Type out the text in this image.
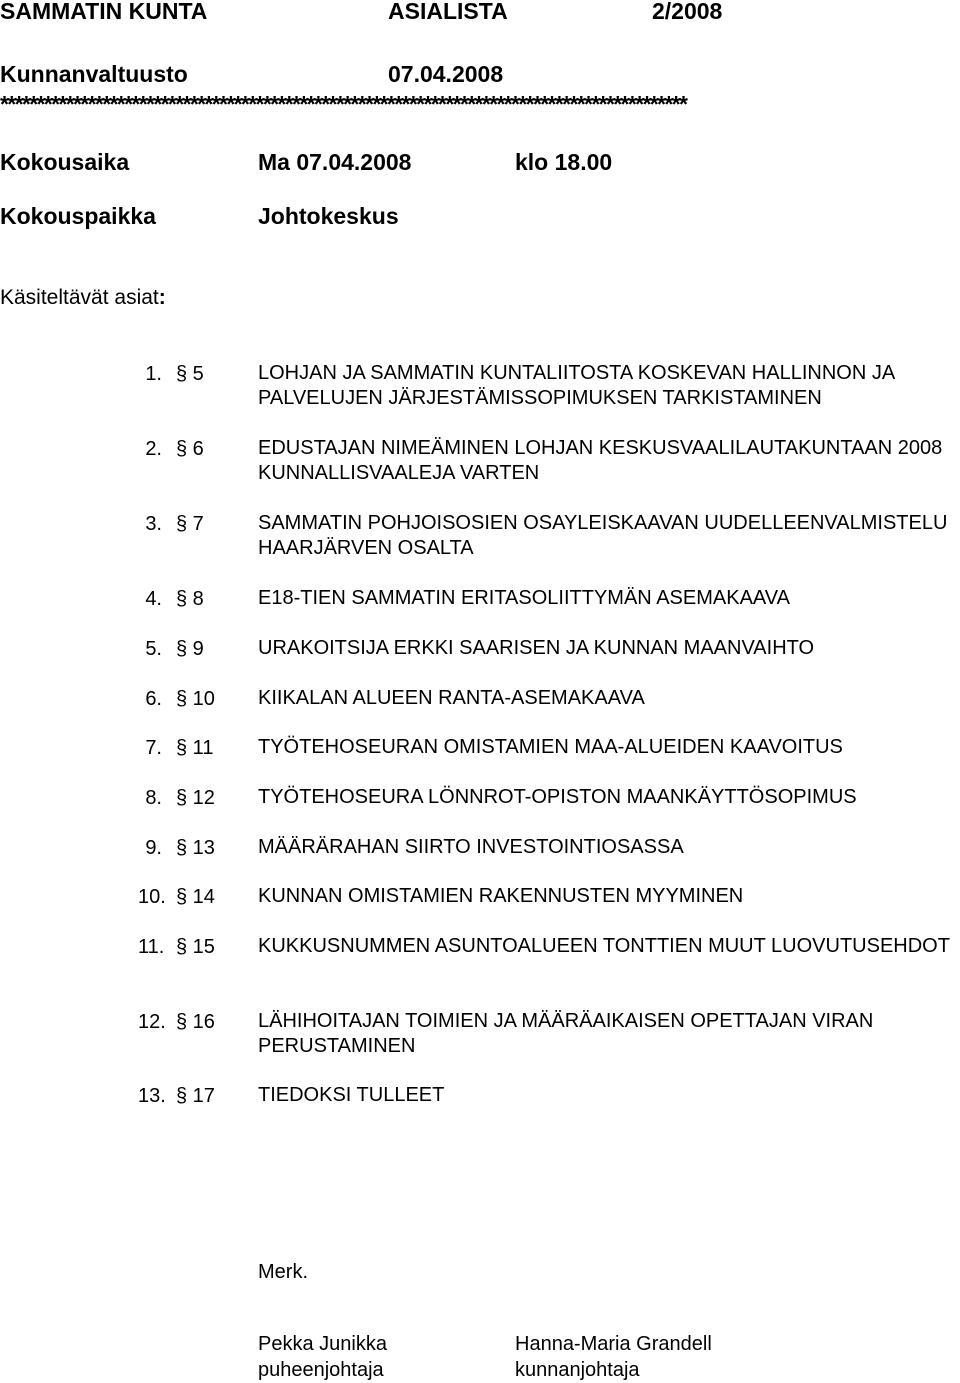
SAMMATIN KUNTA	ASIALISTA	2/2008
Kunnanvaltuusto	07.04.2008
**********************************************************************************************
Kokousaika	Ma 07.04.2008	klo 18.00
Kokouspaikka	Johtokeskus
Käsiteltävät asiat:
1. § 5	LOHJAN JA SAMMATIN KUNTALIITOSTA KOSKEVAN HALLINNON JA PALVELUJEN JÄRJESTÄMISSOPIMUKSEN TARKISTAMINEN
2. § 6	EDUSTAJAN NIMEÄMINEN LOHJAN KESKUSVAALILAUTAKUNTAAN 2008 KUNNALLISVAALEJA VARTEN
3. § 7	SAMMATIN POHJOISOSIEN OSAYLEISKAAVAN UUDELLEENVALMISTELU HAARJÄRVEN OSALTA
4. § 8	E18-TIEN SAMMATIN ERITASOLIITTYMÄN ASEMAKAAVA
5. § 9	URAKOITSIJA ERKKI SAARISEN JA KUNNAN MAANVAIHTO
6. § 10 KIIKALAN ALUEEN RANTA-ASEMAKAAVA
7. § 11 TYÖTEHOSEURAN OMISTAMIEN MAA-ALUEIDEN KAAVOITUS
8. § 12 TYÖTEHOSEURA LÖNNROT-OPISTON MAANKÄYTTÖSOPIMUS
9. § 13 MÄÄRÄRAHAN SIIRTO INVESTOINTIOSASSA
10. § 14 KUNNAN OMISTAMIEN RAKENNUSTEN MYYMINEN
11. § 15 KUKKUSNUMMEN ASUNTOALUEEN TONTTIEN MUUT LUOVUTUSEHDOT
12. § 16 LÄHIHOITAJAN TOIMIEN JA MÄÄRÄAIKAISEN OPETTAJAN VIRAN PERUSTAMINEN
13. § 17 TIEDOKSI TULLEET
Merk.
Pekka Junikka
puheenjohtaja
Hanna-Maria Grandell
kunnanjohtaja
